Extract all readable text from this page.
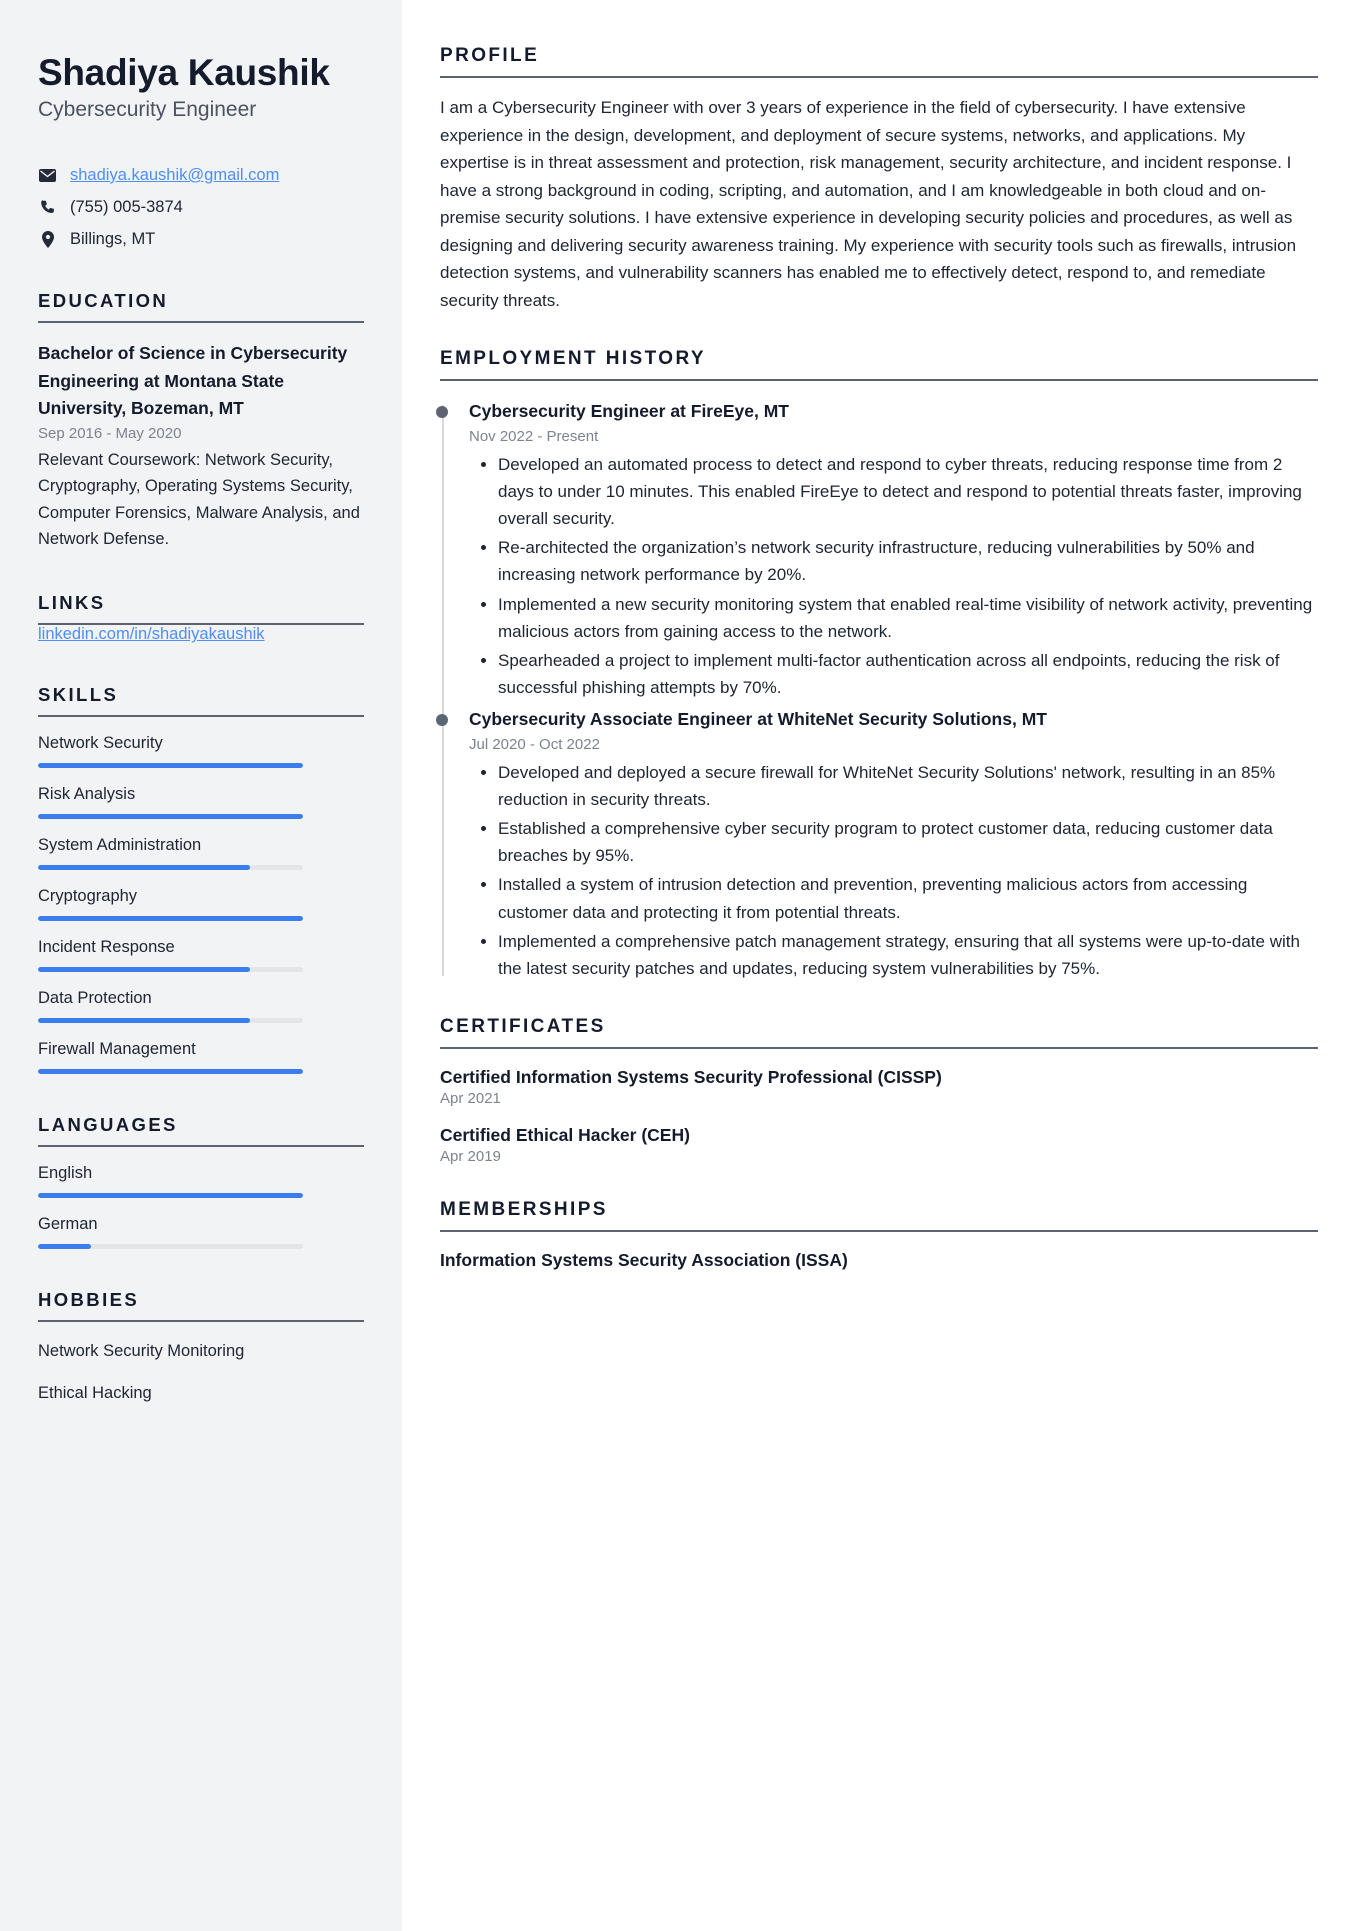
Shadiya Kaushik
Cybersecurity Engineer
shadiya.kaushik@gmail.com
(755) 005-3874
Billings, MT
EDUCATION
Bachelor of Science in Cybersecurity Engineering at Montana State University, Bozeman, MT
Sep 2016 - May 2020
Relevant Coursework: Network Security, Cryptography, Operating Systems Security, Computer Forensics, Malware Analysis, and Network Defense.
LINKS
linkedin.com/in/shadiyakaushik
SKILLS
Network Security
Risk Analysis
System Administration
Cryptography
Incident Response
Data Protection
Firewall Management
LANGUAGES
English
German
HOBBIES
Network Security Monitoring
Ethical Hacking
PROFILE

I am a Cybersecurity Engineer with over 3 years of experience in the field of cybersecurity. I have extensive experience in the design, development, and deployment of secure systems, networks, and applications. My expertise is in threat assessment and protection, risk management, security architecture, and incident response. I have a strong background in coding, scripting, and automation, and I am knowledgeable in both cloud and on-premise security solutions. I have extensive experience in developing security policies and procedures, as well as designing and delivering security awareness training. My experience with security tools such as firewalls, intrusion detection systems, and vulnerability scanners has enabled me to effectively detect, respond to, and remediate security threats.

EMPLOYMENT HISTORY
Cybersecurity Engineer at FireEye, MT
Nov 2022 - Present
• Developed an automated process to detect and respond to cyber threats, reducing response time from 2 days to under 10 minutes. This enabled FireEye to detect and respond to potential threats faster, improving overall security.
• Re-architected the organization’s network security infrastructure, reducing vulnerabilities by 50% and increasing network performance by 20%.
• Implemented a new security monitoring system that enabled real-time visibility of network activity, preventing malicious actors from gaining access to the network.
• Spearheaded a project to implement multi-factor authentication across all endpoints, reducing the risk of successful phishing attempts by 70%.
Cybersecurity Associate Engineer at WhiteNet Security Solutions, MT
Jul 2020 - Oct 2022
• Developed and deployed a secure firewall for WhiteNet Security Solutions' network, resulting in an 85% reduction in security threats.
• Established a comprehensive cyber security program to protect customer data, reducing customer data breaches by 95%.
• Installed a system of intrusion detection and prevention, preventing malicious actors from accessing customer data and protecting it from potential threats.
• Implemented a comprehensive patch management strategy, ensuring that all systems were up-to-date with the latest security patches and updates, reducing system vulnerabilities by 75%.
CERTIFICATES
Certified Information Systems Security Professional (CISSP)
Apr 2021
Certified Ethical Hacker (CEH)
Apr 2019
MEMBERSHIPS
Information Systems Security Association (ISSA)
